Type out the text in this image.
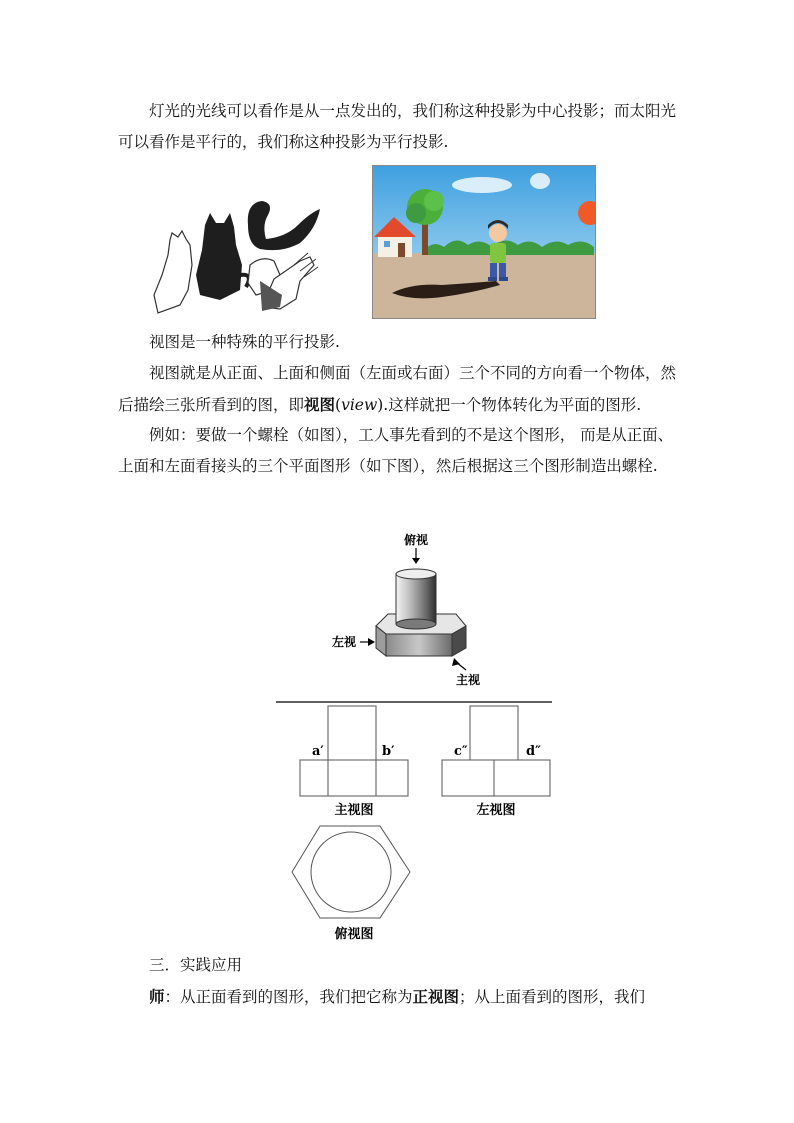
灯光的光线可以看作是从一点发出的，我们称这种投影为中心投影；而太阳光可以看作是平行的，我们称这种投影为平行投影.
视图是一种特殊的平行投影.
视图就是从正面、上面和侧面（左面或右面）三个不同的方向看一个物体，然后描绘三张所看到的图，即视图(view).这样就把一个物体转化为平面的图形.
例如：要做一个螺栓（如图），工人事先看到的不是这个图形， 而是从正面、上面和左面看接头的三个平面图形（如下图），然后根据这三个图形制造出螺栓.
俯视
左视
主视
a′	b′
主视图
c″	d″
左视图
俯视图
三．实践应用
师：从正面看到的图形，我们把它称为正视图；从上面看到的图形，我们
